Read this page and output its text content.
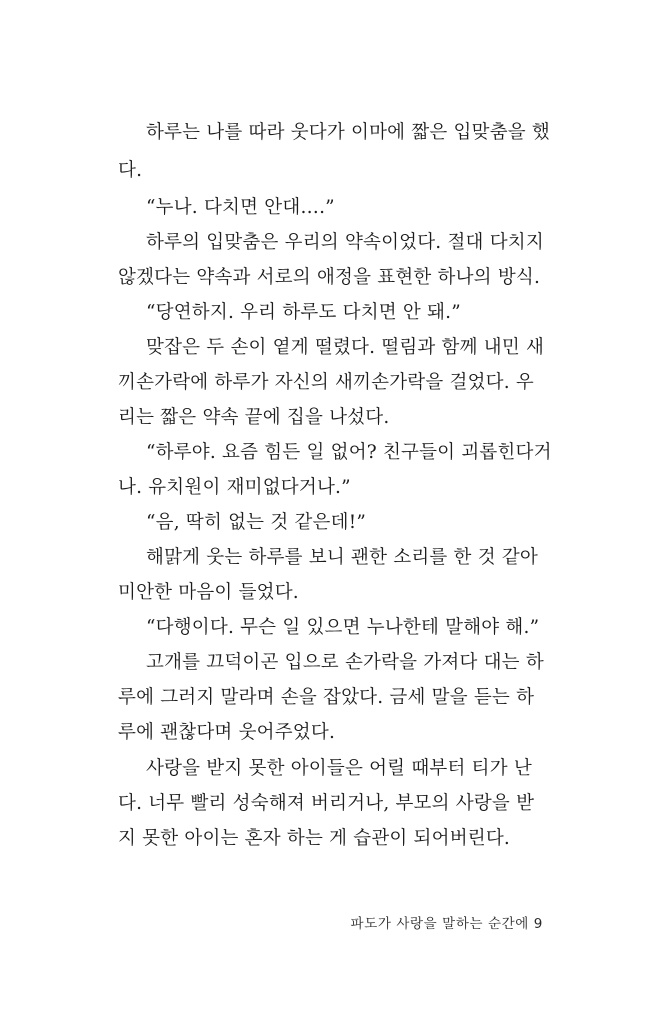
하루는 나를 따라 웃다가 이마에 짧은 입맞춤을 했
다.
“누나. 다치면 안대….”
하루의 입맞춤은 우리의 약속이었다. 절대 다치지
않겠다는 약속과 서로의 애정을 표현한 하나의 방식.
“당연하지. 우리 하루도 다치면 안 돼.”
맞잡은 두 손이 옅게 떨렸다. 떨림과 함께 내민 새
끼손가락에 하루가 자신의 새끼손가락을 걸었다. 우
리는 짧은 약속 끝에 집을 나섰다.
“하루야. 요즘 힘든 일 없어? 친구들이 괴롭힌다거
나. 유치원이 재미없다거나.”
“음, 딱히 없는 것 같은데!”
해맑게 웃는 하루를 보니 괜한 소리를 한 것 같아
미안한 마음이 들었다.
“다행이다. 무슨 일 있으면 누나한테 말해야 해.”
고개를 끄덕이곤 입으로 손가락을 가져다 대는 하
루에 그러지 말라며 손을 잡았다. 금세 말을 듣는 하
루에 괜찮다며 웃어주었다.
사랑을 받지 못한 아이들은 어릴 때부터 티가 난
다. 너무 빨리 성숙해져 버리거나, 부모의 사랑을 받
지 못한 아이는 혼자 하는 게 습관이 되어버린다.
파도가 사랑을 말하는 순간에 9
